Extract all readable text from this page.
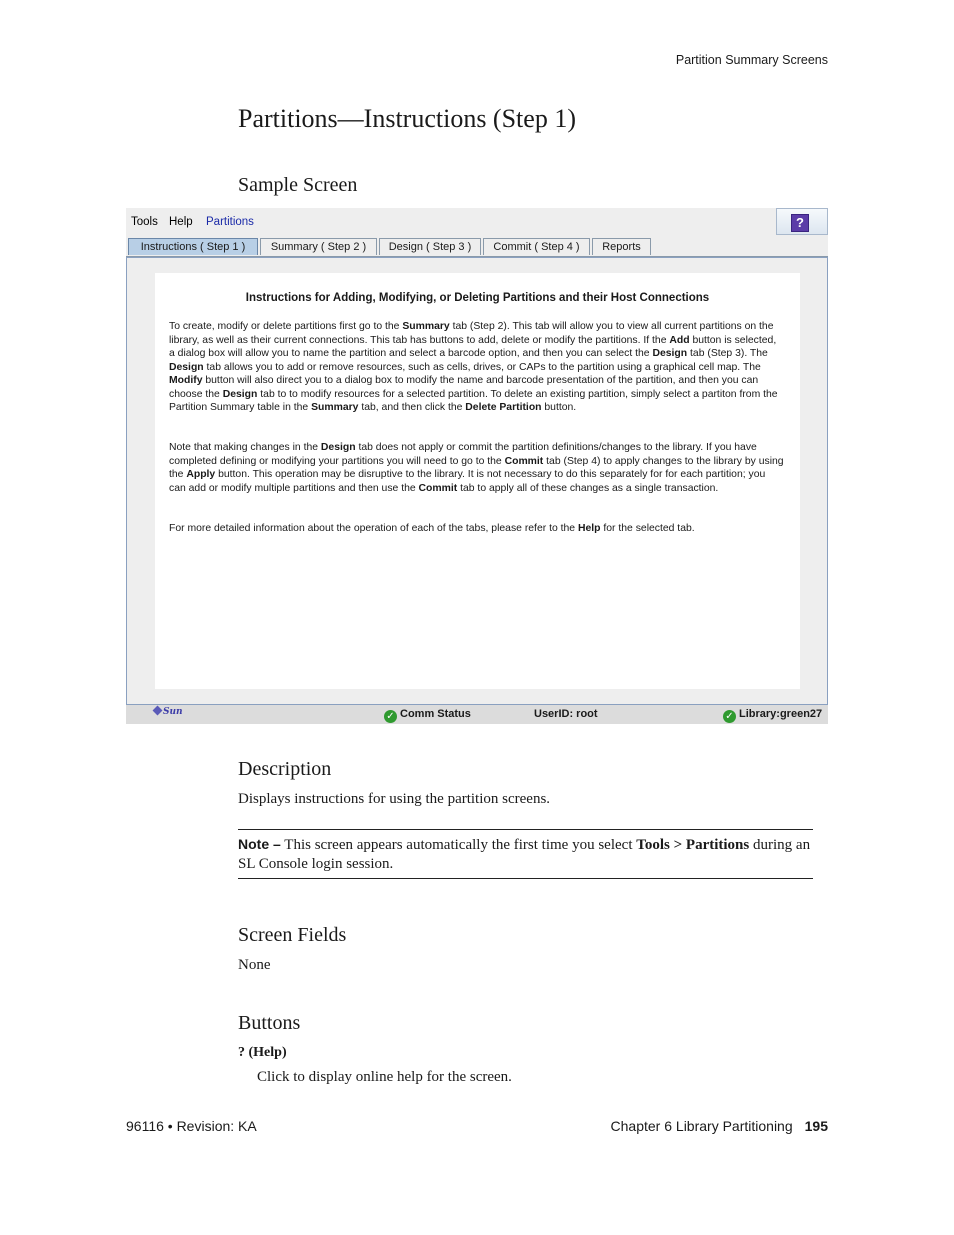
Partition Summary Screens
Partitions—Instructions (Step 1)
Sample Screen
Tools Help Partitions	?
Instructions ( Step 1 )	Summary ( Step 2 )	Design ( Step 3 )	Commit ( Step 4 )	Reports
Instructions for Adding, Modifying, or Deleting Partitions and their Host Connections

To create, modify or delete partitions first go to the Summary tab (Step 2). This tab will allow you to view all current partitions on the library, as well as their current connections. This tab has buttons to add, delete or modify the partitions. If the Add button is selected, a dialog box will allow you to name the partition and select a barcode option, and then you can select the Design tab (Step 3). The Design tab allows you to add or remove resources, such as cells, drives, or CAPs to the partition using a graphical cell map. The Modify button will also direct you to a dialog box to modify the name and barcode presentation of the partition, and then you can choose the Design tab to to modify resources for a selected partition. To delete an existing partition, simply select a partiton from the Partition Summary table in the Summary tab, and then click the Delete Partition button.

Note that making changes in the Design tab does not apply or commit the partition definitions/changes to the library. If you have completed defining or modifying your partitions you will need to go to the Commit tab (Step 4) to apply changes to the library by using the Apply button. This operation may be disruptive to the library. It is not necessary to do this separately for for each partition; you can add or modify multiple partitions and then use the Commit tab to apply all of these changes as a single transaction.

For more detailed information about the operation of each of the tabs, please refer to the Help for the selected tab.

Sun	✓ Comm Status	UserID: root	✓ Library:green27
Description
Displays instructions for using the partition screens.
Note – This screen appears automatically the first time you select Tools > Partitions during an SL Console login session.
Screen Fields
None
Buttons
? (Help)
Click to display online help for the screen.
96116 • Revision: KA	Chapter 6 Library Partitioning 195
